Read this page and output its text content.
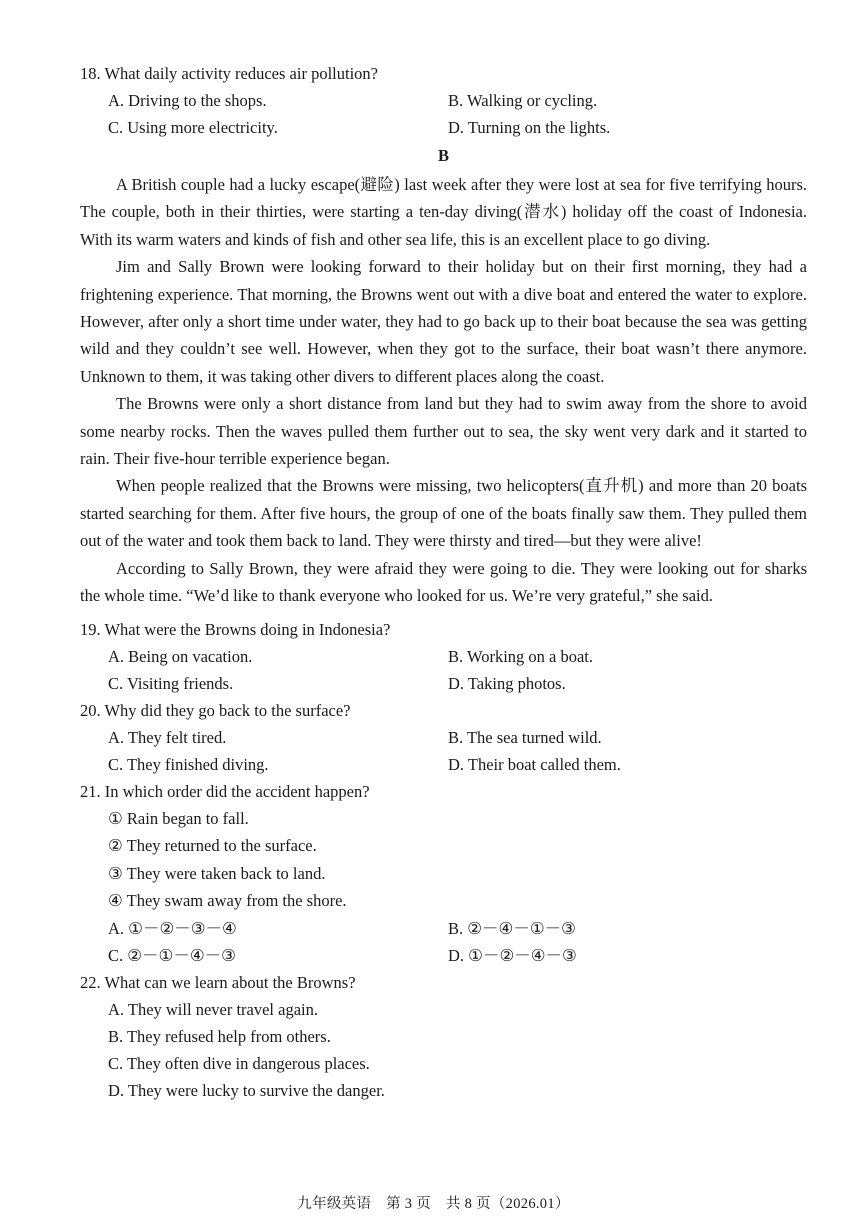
18. What daily activity reduces air pollution?
A. Driving to the shops.	B. Walking or cycling.
C. Using more electricity.	D. Turning on the lights.
B

A British couple had a lucky escape(避险) last week after they were lost at sea for five terrifying hours. The couple, both in their thirties, were starting a ten-day diving(潜水) holiday off the coast of Indonesia. With its warm waters and kinds of fish and other sea life, this is an excellent place to go diving.

Jim and Sally Brown were looking forward to their holiday but on their first morning, they had a frightening experience. That morning, the Browns went out with a dive boat and entered the water to explore. However, after only a short time under water, they had to go back up to their boat because the sea was getting wild and they couldn’t see well. However, when they got to the surface, their boat wasn’t there anymore. Unknown to them, it was taking other divers to different places along the coast.

The Browns were only a short distance from land but they had to swim away from the shore to avoid some nearby rocks. Then the waves pulled them further out to sea, the sky went very dark and it started to rain. Their five-hour terrible experience began.

When people realized that the Browns were missing, two helicopters(直升机) and more than 20 boats started searching for them. After five hours, the group of one of the boats finally saw them. They pulled them out of the water and took them back to land. They were thirsty and tired—but they were alive!

According to Sally Brown, they were afraid they were going to die. They were looking out for sharks the whole time. “We’d like to thank everyone who looked for us. We’re very grateful,” she said.

19. What were the Browns doing in Indonesia?
A. Being on vacation.	B. Working on a boat.
C. Visiting friends.	D. Taking photos.
20. Why did they go back to the surface?
A. They felt tired.	B. The sea turned wild.
C. They finished diving.	D. Their boat called them.
21. In which order did the accident happen?
① Rain began to fall.
② They returned to the surface.
③ They were taken back to land.
④ They swam away from the shore.
A. ①－②－③－④	B. ②－④－①－③
C. ②－①－④－③	D. ①－②－④－③
22. What can we learn about the Browns?
A. They will never travel again.
B. They refused help from others.
C. They often dive in dangerous places.
D. They were lucky to survive the danger.
九年级英语　第 3 页　共 8 页（2026.01）
